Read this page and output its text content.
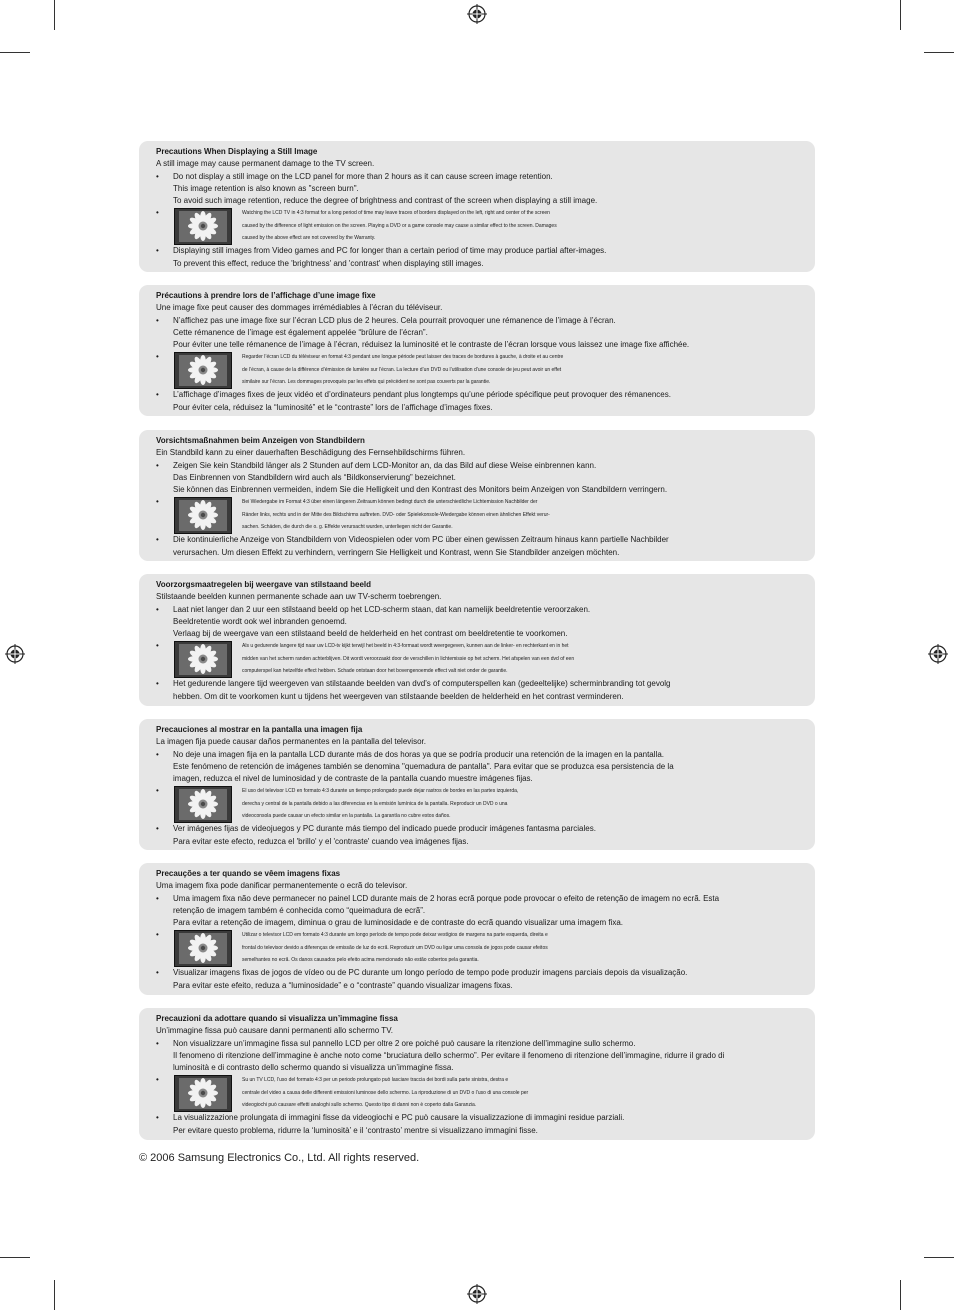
Precautions When Displaying a Still Image
A still image may cause permanent damage to the TV screen.
• Do not display a still image on the LCD panel for more than 2 hours as it can cause screen image retention.
This image retention is also known as "screen burn".
To avoid such image retention, reduce the degree of brightness and contrast of the screen when displaying a still image.
•	Watching the LCD TV in 4:3 format for a long period of time may leave traces of borders displayed on the left, right and center of the screen
caused by the difference of light emission on the screen. Playing a DVD or a game console may cause a similar effect to the screen. Damages
caused by the above effect are not covered by the Warranty.
• Displaying still images from Video games and PC for longer than a certain period of time may produce partial after-images.
To prevent this effect, reduce the 'brightness' and 'contrast' when displaying still images.
Précautions à prendre lors de l’affichage d’une image fixe
Une image fixe peut causer des dommages irrémédiables à l’écran du téléviseur.
• N’affichez pas une image fixe sur l’écran LCD plus de 2 heures. Cela pourrait provoquer une rémanence de l’image à l’écran.
Cette rémanence de l’image est également appelée “brûlure de l’écran”.
Pour éviter une telle rémanence de l’image à l’écran, réduisez la luminosité et le contraste de l’écran lorsque vous laissez une image fixe affichée.
•	Regarder l’écran LCD du téléviseur en format 4:3 pendant une longue période peut laisser des traces de bordures à gauche, à droite et au centre
de l’écran, à cause de la différence d’émission de lumière sur l’écran. La lecture d’un DVD ou l’utilisation d’une console de jeu peut avoir un effet
similaire sur l’écran. Les dommages provoqués par les effets qui précèdent ne sont pas couverts par la garantie.
• L’affichage d’images fixes de jeux vidéo et d’ordinateurs pendant plus longtemps qu’une période spécifique peut provoquer des rémanences.
Pour éviter cela, réduisez la “luminosité” et le “contraste” lors de l’affichage d’images fixes.
Vorsichtsmaßnahmen beim Anzeigen von Standbildern
Ein Standbild kann zu einer dauerhaften Beschädigung des Fernsehbildschirms führen.
• Zeigen Sie kein Standbild länger als 2 Stunden auf dem LCD-Monitor an, da das Bild auf diese Weise einbrennen kann.
Das Einbrennen von Standbildern wird auch als “Bildkonservierung” bezeichnet.
Sie können das Einbrennen vermeiden, indem Sie die Helligkeit und den Kontrast des Monitors beim Anzeigen von Standbildern verringern.
•	Bei Wiedergabe im Format 4:3 über einen längeren Zeitraum können bedingt durch die unterschiedliche Lichtemission Nachbilder der
Ränder links, rechts und in der Mitte des Bildschirms auftreten. DVD- oder Spielekonsole-Wiedergabe können einen ähnlichen Effekt verur-
sachen. Schäden, die durch die o. g. Effekte verursacht wurden, unterliegen nicht der Garantie.
• Die kontinuierliche Anzeige von Standbildern von Videospielen oder vom PC über einen gewissen Zeitraum hinaus kann partielle Nachbilder
verursachen. Um diesen Effekt zu verhindern, verringern Sie Helligkeit und Kontrast, wenn Sie Standbilder anzeigen möchten.
Voorzorgsmaatregelen bij weergave van stilstaand beeld
Stilstaande beelden kunnen permanente schade aan uw TV-scherm toebrengen.
• Laat niet langer dan 2 uur een stilstaand beeld op het LCD-scherm staan, dat kan namelijk beeldretentie veroorzaken.
Beeldretentie wordt ook wel inbranden genoemd.
Verlaag bij de weergave van een stilstaand beeld de helderheid en het contrast om beeldretentie te voorkomen.
•	Als u gedurende langere tijd naar uw LCD-tv kijkt terwijl het beeld in 4:3-formaat wordt weergegeven, kunnen aan de linker- en rechterkant en in het
midden van het scherm randen achterblijven. Dit wordt veroorzaakt door de verschillen in lichtemissie op het scherm. Het afspelen van een dvd of een
computerspel kan hetzelfde effect hebben. Schade ontstaan door het bovengenoemde effect valt niet onder de garantie.
• Het gedurende langere tijd weergeven van stilstaande beelden van dvd’s of computerspellen kan (gedeeltelijke) scherminbranding tot gevolg
hebben. Om dit te voorkomen kunt u tijdens het weergeven van stilstaande beelden de helderheid en het contrast verminderen.
Precauciones al mostrar en la pantalla una imagen fija
La imagen fija puede causar daños permanentes en la pantalla del televisor.
• No deje una imagen fija en la pantalla LCD durante más de dos horas ya que se podría producir una retención de la imagen en la pantalla.
Este fenómeno de retención de imágenes también se denomina "quemadura de pantalla". Para evitar que se produzca esa persistencia de la
imagen, reduzca el nivel de luminosidad y de contraste de la pantalla cuando muestre imágenes fijas.
•	El uso del televisor LCD en formato 4:3 durante un tiempo prolongado puede dejar rastros de bordes en las partes izquierda,
derecha y central de la pantalla debido a las diferencias en la emisión lumínica de la pantalla. Reproducir un DVD o una
videoconsola puede causar un efecto similar en la pantalla. La garantía no cubre estos daños.
• Ver imágenes fijas de videojuegos y PC durante más tiempo del indicado puede producir imágenes fantasma parciales.
Para evitar este efecto, reduzca el 'brillo' y el 'contraste' cuando vea imágenes fijas.
Precauções a ter quando se vêem imagens fixas
Uma imagem fixa pode danificar permanentemente o ecrã do televisor.
• Uma imagem fixa não deve permanecer no painel LCD durante mais de 2 horas ecrã porque pode provocar o efeito de retenção de imagem no ecrã. Esta
retenção de imagem também é conhecida como “queimadura de ecrã”.
Para evitar a retenção de imagem, diminua o grau de luminosidade e de contraste do ecrã quando visualizar uma imagem fixa.
•	Utilizar o televisor LCD em formato 4:3 durante um longo período de tempo pode deixar vestígios de margens na parte esquerda, direita e
frontal do televisor devido a diferenças de emissão de luz do ecrã. Reproduzir um DVD ou ligar uma consola de jogos pode causar efeitos
semelhantes no ecrã. Os danos causados pelo efeito acima mencionado não estão cobertos pela garantia.
• Visualizar imagens fixas de jogos de vídeo ou de PC durante um longo período de tempo pode produzir imagens parciais depois da visualização.
Para evitar este efeito, reduza a “luminosidade” e o “contraste” quando visualizar imagens fixas.
Precauzioni da adottare quando si visualizza un’immagine fissa
Un’immagine fissa può causare danni permanenti allo schermo TV.
• Non visualizzare un’immagine fissa sul pannello LCD per oltre 2 ore poiché può causare la ritenzione dell’immagine sullo schermo.
Il fenomeno di ritenzione dell’immagine è anche noto come “bruciatura dello schermo”. Per evitare il fenomeno di ritenzione dell’immagine, ridurre il grado di
luminosità e di contrasto dello schermo quando si visualizza un’immagine fissa.
•	Su un TV LCD, l’uso del formato 4:3 per un periodo prolungato può lasciare traccia dei bordi sulla parte sinistra, destra e
centrale del video a causa delle differenti emissioni luminose dello schermo. La riproduzione di un DVD o l’uso di una console per
videogiochi può causare effetti analoghi sullo schermo. Questo tipo di danni non è coperto dalla Garanzia.
• La visualizzazione prolungata di immagini fisse da videogiochi e PC può causare la visualizzazione di immagini residue parziali.
Per evitare questo problema, ridurre la ‘luminosità’ e il ‘contrasto’ mentre si visualizzano immagini fisse.
© 2006 Samsung Electronics Co., Ltd. All rights reserved.
